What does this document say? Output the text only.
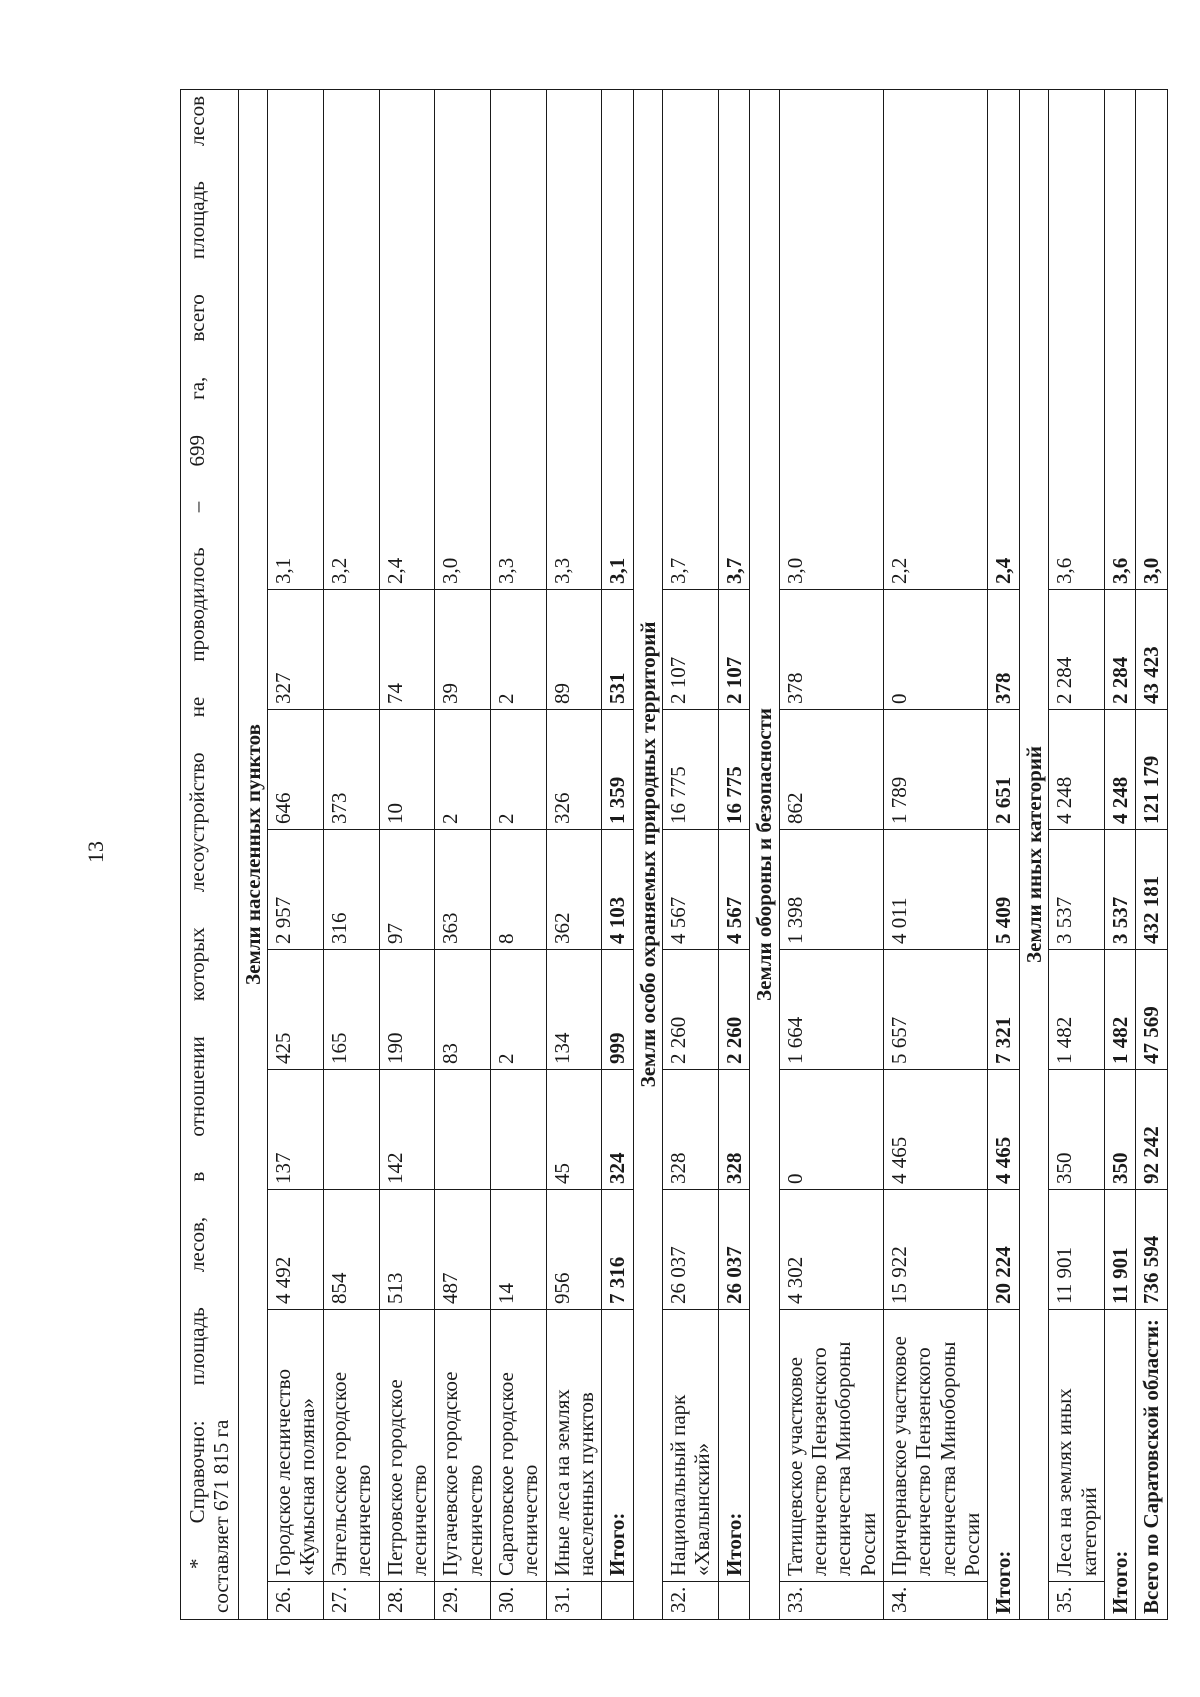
13	* Справочно: площадь лесов, в отношении которых лесоустройство не проводилось – 699 га, всего площадь лесов составляет 671 815 га								
Земли населенных пунктов								
26.	Городское лесничество «Кумысная поляна»	4 492	137	425	2 957	646	327	3,1
27.	Энгельсское городское лесничество	854		165	316	373		3,2
28.	Петровское городское лесничество	513	142	190	97	10	74	2,4
29.	Пугачевское городское лесничество	487		83	363	2	39	3,0
30.	Саратовское городское лесничество	14		2	8	2	2	3,3
31.	Иные леса на землях населенных пунктов	956	45	134	362	326	89	3,3
	Итого:	7 316	324	999	4 103	1 359	531	3,1
Земли особо охраняемых природных территорий								
32.	Национальный парк «Хвалынский»	26 037	328	2 260	4 567	16 775	2 107	3,7
	Итого:	26 037	328	2 260	4 567	16 775	2 107	3,7
Земли обороны и безопасности								
33.	Татищевское участковое лесничество Пензенского лесничества Минобороны России	4 302	0	1 664	1 398	862	378	3,0
34.	Причернавское участковое лесничество Пензенского лесничества Минобороны России	15 922	4 465	5 657	4 011	1 789	0	2,2
Итого:		20 224	4 465	7 321	5 409	2 651	378	2,4
Земли иных категорий								
35.	Леса на землях иных категорий	11 901	350	1 482	3 537	4 248	2 284	3,6
Итого:		11 901	350	1 482	3 537	4 248	2 284	3,6
Всего по Саратовской области:		736 594	92 242	47 569	432 181	121 179	43 423	3,0
